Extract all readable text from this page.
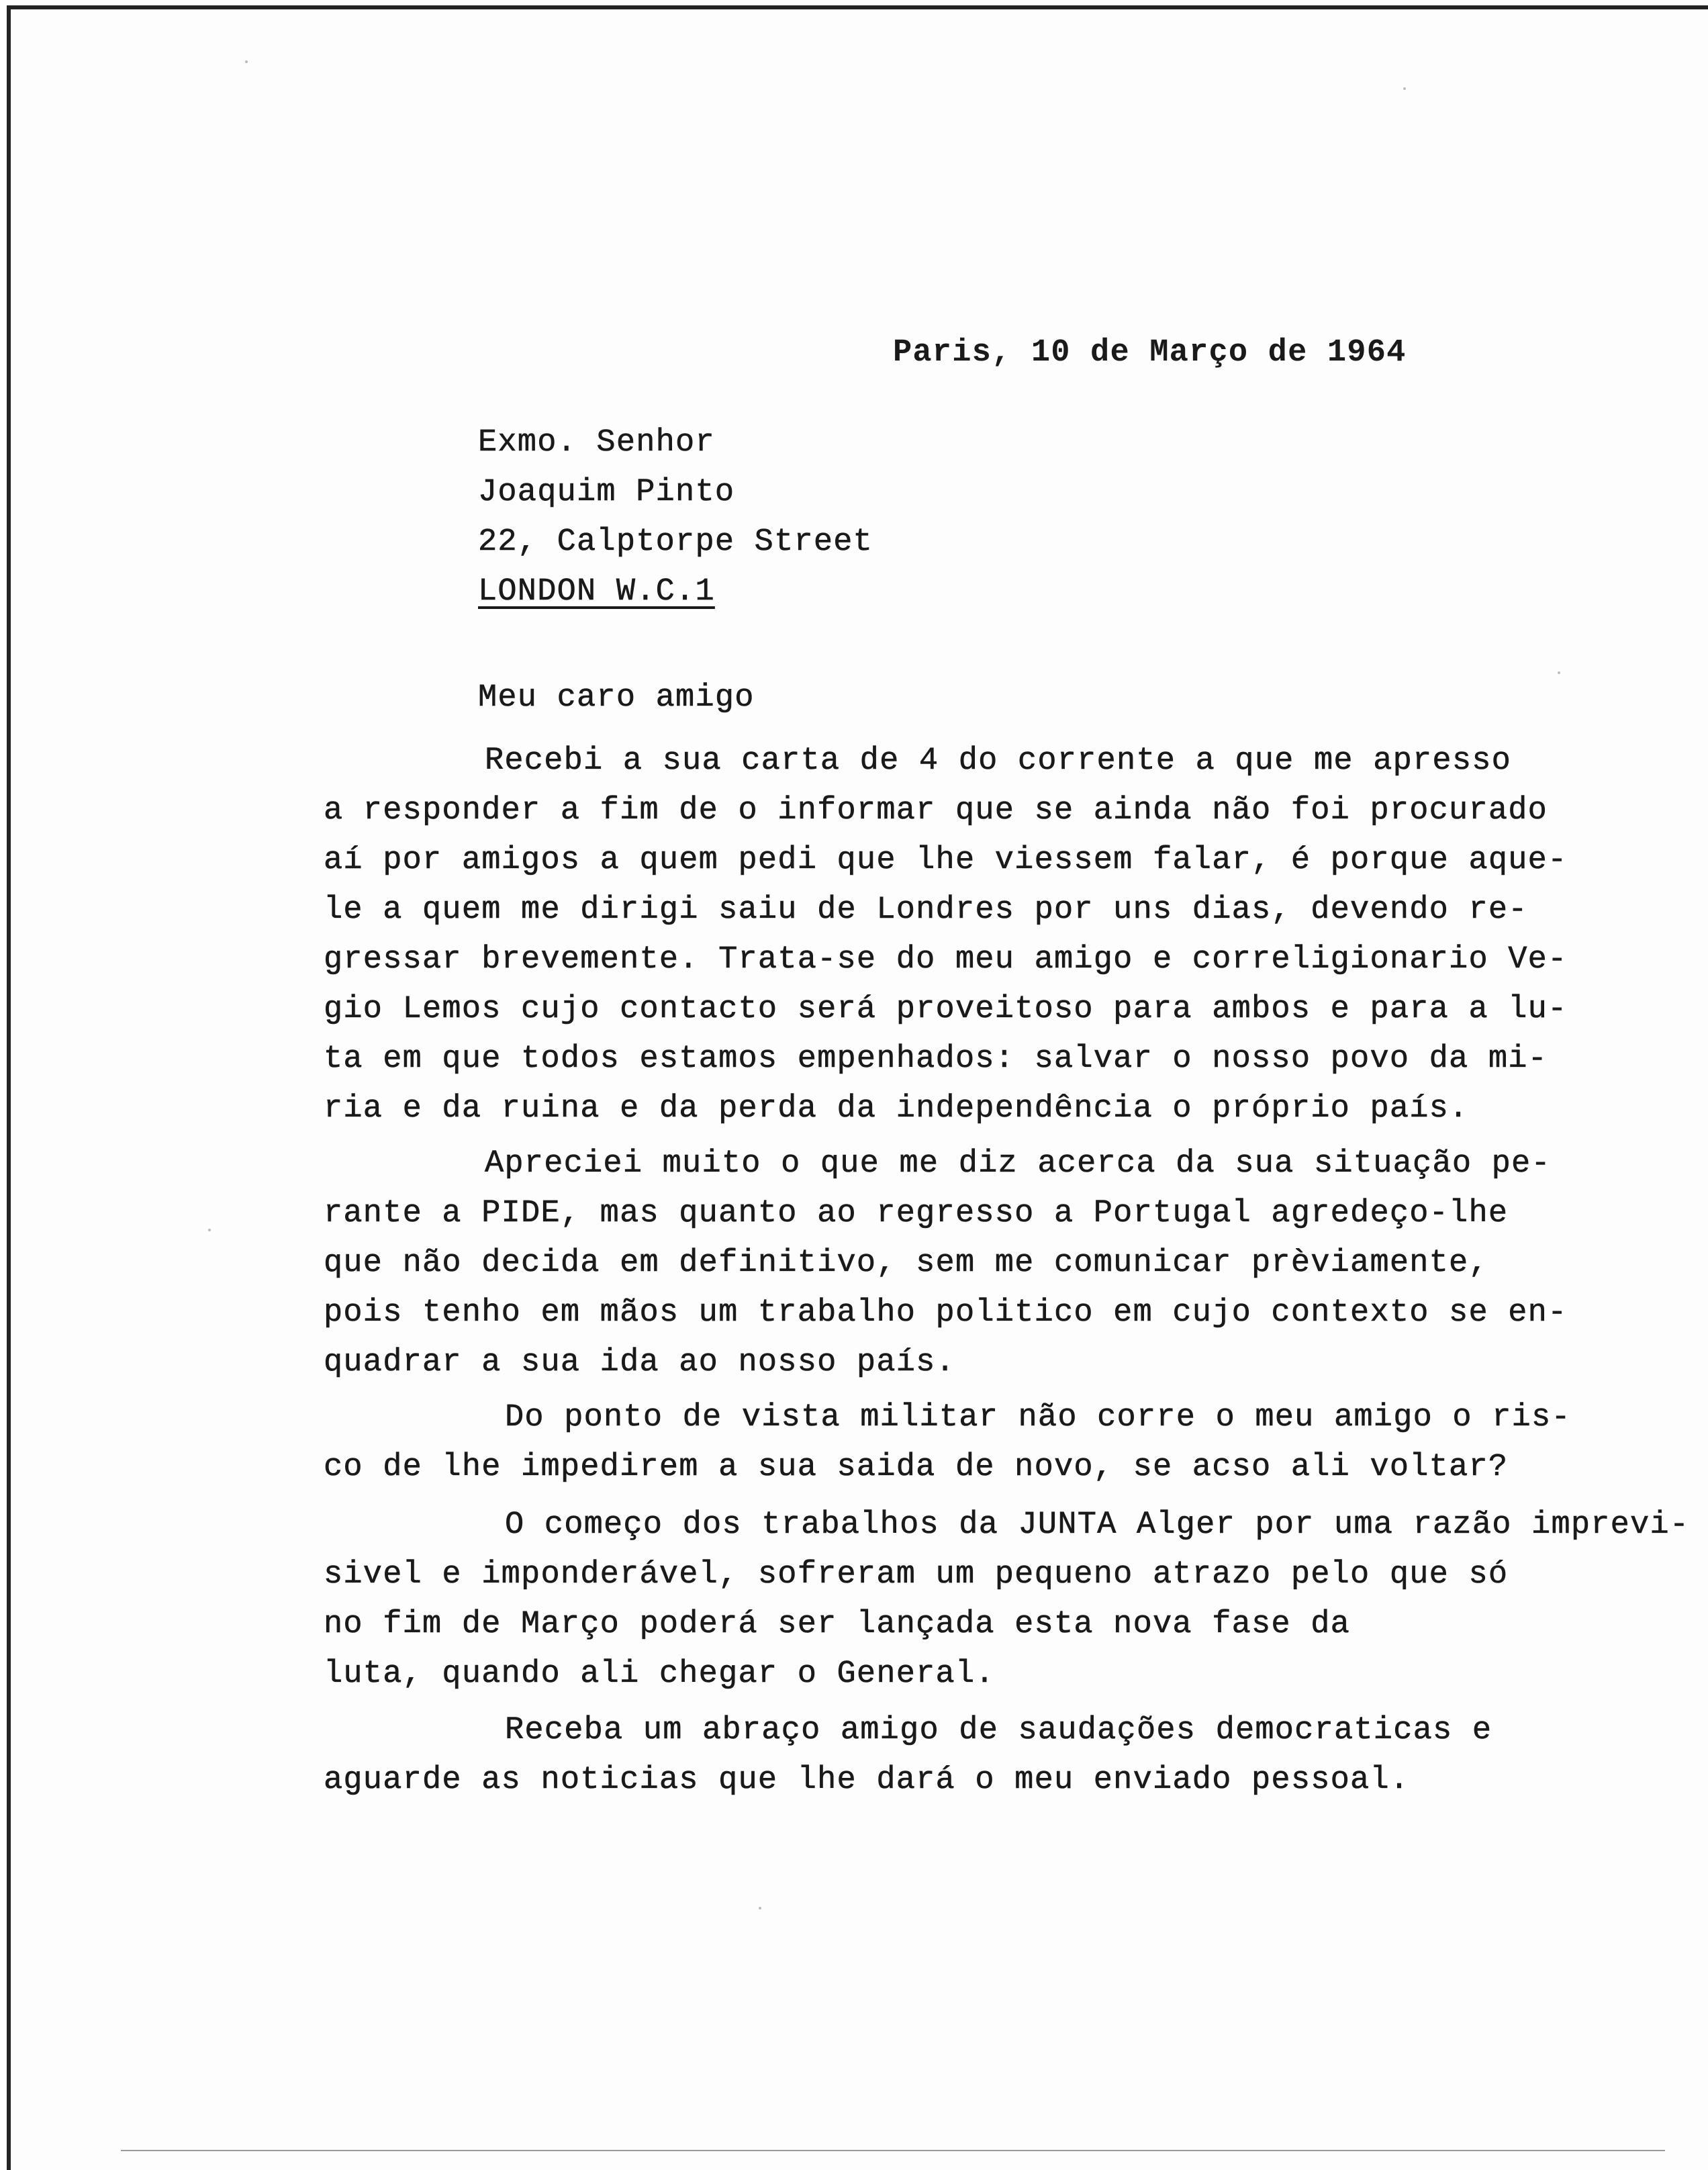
Paris, 10 de Março de 1964
Exmo. Senhor
Joaquim Pinto
22, Calptorpe Street
LONDON W.C.1
Meu caro amigo
Recebi a sua carta de 4 do corrente a que me apresso
a responder a fim de o informar que se ainda não foi procurado
aí por amigos a quem pedi que lhe viessem falar, é porque aque-
le a quem me dirigi saiu de Londres por uns dias, devendo re-
gressar brevemente. Trata-se do meu amigo e correligionario Ve-
gio Lemos cujo contacto será proveitoso para ambos e para a lu-
ta em que todos estamos empenhados: salvar o nosso povo da mi-
ria e da ruina e da perda da independência o próprio país.
Apreciei muito o que me diz acerca da sua situação pe-
rante a PIDE, mas quanto ao regresso a Portugal agredeço-lhe
que não decida em definitivo, sem me comunicar prèviamente,
pois tenho em mãos um trabalho politico em cujo contexto se en-
quadrar a sua ida ao nosso país.
Do ponto de vista militar não corre o meu amigo o ris-
co de lhe impedirem a sua saida de novo, se acso ali voltar?
O começo dos trabalhos da JUNTA Alger por uma razão imprevi-
sivel e imponderável, sofreram um pequeno atrazo pelo que só
no fim de Março poderá ser lançada esta nova fase da
luta, quando ali chegar o General.
Receba um abraço amigo de saudações democraticas e
aguarde as noticias que lhe dará o meu enviado pessoal.
